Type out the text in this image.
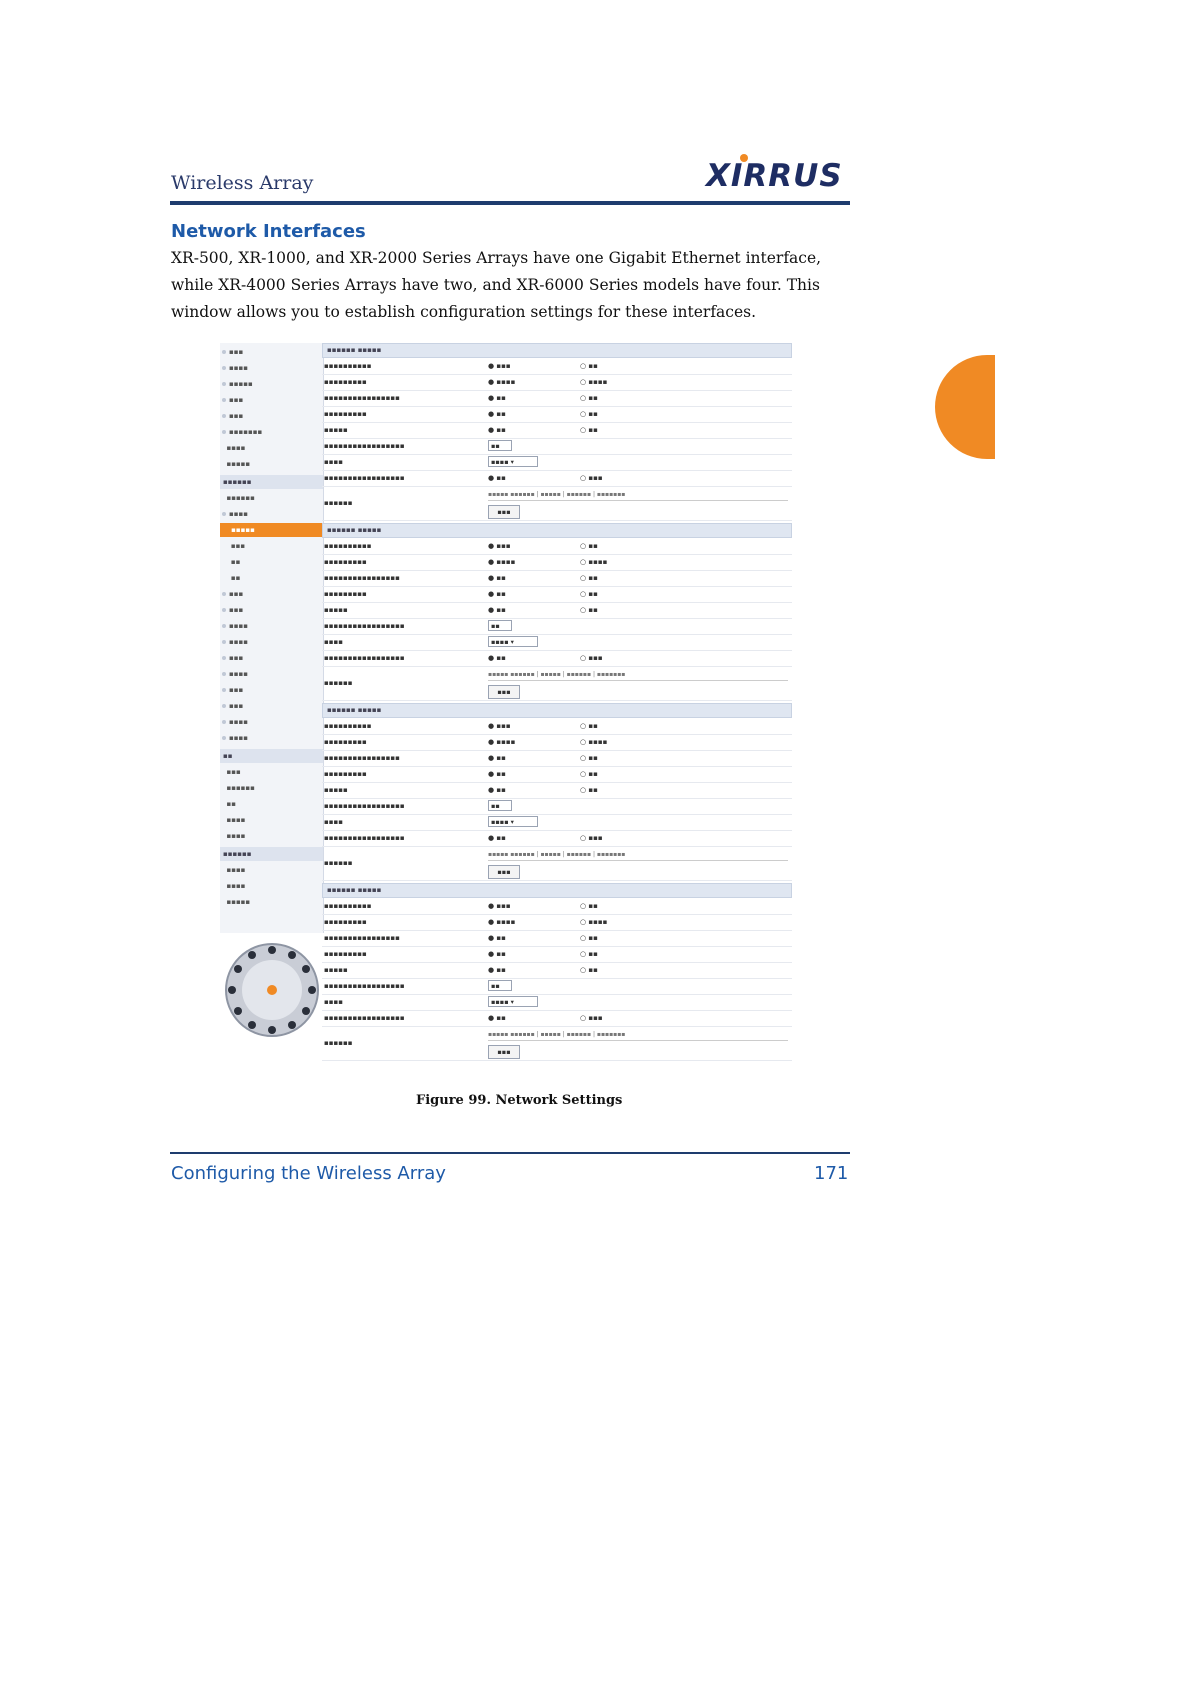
Wireless Array	XIRRUS
Network Interfaces
XR-500, XR-1000, and XR-2000 Series Arrays have one Gigabit Ethernet interface, while XR-4000 Series Arrays have two, and XR-6000 Series models have four. This window allows you to establish configuration settings for these interfaces.
▪▪▪
▪▪▪▪
▪▪▪▪▪
▪▪▪
▪▪▪
▪▪▪▪▪▪▪
▪▪▪▪
▪▪▪▪▪
▪▪▪▪▪▪
▪▪▪▪▪▪
▪▪▪▪
▪▪▪▪▪
▪▪▪
▪▪
▪▪
▪▪▪
▪▪▪
▪▪▪▪
▪▪▪▪
▪▪▪
▪▪▪▪
▪▪▪
▪▪▪
▪▪▪▪
▪▪▪▪
▪▪
▪▪▪
▪▪▪▪▪▪
▪▪
▪▪▪▪
▪▪▪▪
▪▪▪▪▪▪
▪▪▪▪
▪▪▪▪
▪▪▪▪▪
▪▪▪▪▪▪ ▪▪▪▪▪
▪▪▪▪▪▪▪▪▪▪	● ▪▪▪	○ ▪▪
▪▪▪▪▪▪▪▪▪	● ▪▪▪▪	○ ▪▪▪▪
▪▪▪▪▪▪▪▪▪▪▪▪▪▪▪▪	● ▪▪	○ ▪▪
▪▪▪▪▪▪▪▪▪	● ▪▪	○ ▪▪
▪▪▪▪▪	● ▪▪	○ ▪▪
▪▪▪▪▪▪▪▪▪▪▪▪▪▪▪▪▪	▪▪
▪▪▪▪	▪▪▪▪ ▾
▪▪▪▪▪▪▪▪▪▪▪▪▪▪▪▪▪	● ▪▪	○ ▪▪▪
▪▪▪▪▪▪
▪▪▪▪▪ ▪▪▪▪▪▪ | ▪▪▪▪▪ | ▪▪▪▪▪▪ | ▪▪▪▪▪▪▪
▪▪▪
▪▪▪▪▪▪ ▪▪▪▪▪
▪▪▪▪▪▪▪▪▪▪	● ▪▪▪	○ ▪▪
▪▪▪▪▪▪▪▪▪	● ▪▪▪▪	○ ▪▪▪▪
▪▪▪▪▪▪▪▪▪▪▪▪▪▪▪▪	● ▪▪	○ ▪▪
▪▪▪▪▪▪▪▪▪	● ▪▪	○ ▪▪
▪▪▪▪▪	● ▪▪	○ ▪▪
▪▪▪▪▪▪▪▪▪▪▪▪▪▪▪▪▪	▪▪
▪▪▪▪	▪▪▪▪ ▾
▪▪▪▪▪▪▪▪▪▪▪▪▪▪▪▪▪	● ▪▪	○ ▪▪▪
▪▪▪▪▪▪
▪▪▪▪▪ ▪▪▪▪▪▪ | ▪▪▪▪▪ | ▪▪▪▪▪▪ | ▪▪▪▪▪▪▪
▪▪▪
▪▪▪▪▪▪ ▪▪▪▪▪
▪▪▪▪▪▪▪▪▪▪	● ▪▪▪	○ ▪▪
▪▪▪▪▪▪▪▪▪	● ▪▪▪▪	○ ▪▪▪▪
▪▪▪▪▪▪▪▪▪▪▪▪▪▪▪▪	● ▪▪	○ ▪▪
▪▪▪▪▪▪▪▪▪	● ▪▪	○ ▪▪
▪▪▪▪▪	● ▪▪	○ ▪▪
▪▪▪▪▪▪▪▪▪▪▪▪▪▪▪▪▪	▪▪
▪▪▪▪	▪▪▪▪ ▾
▪▪▪▪▪▪▪▪▪▪▪▪▪▪▪▪▪	● ▪▪	○ ▪▪▪
▪▪▪▪▪▪
▪▪▪▪▪ ▪▪▪▪▪▪ | ▪▪▪▪▪ | ▪▪▪▪▪▪ | ▪▪▪▪▪▪▪
▪▪▪
▪▪▪▪▪▪ ▪▪▪▪▪
▪▪▪▪▪▪▪▪▪▪	● ▪▪▪	○ ▪▪
▪▪▪▪▪▪▪▪▪	● ▪▪▪▪	○ ▪▪▪▪
▪▪▪▪▪▪▪▪▪▪▪▪▪▪▪▪	● ▪▪	○ ▪▪
▪▪▪▪▪▪▪▪▪	● ▪▪	○ ▪▪
▪▪▪▪▪	● ▪▪	○ ▪▪
▪▪▪▪▪▪▪▪▪▪▪▪▪▪▪▪▪	▪▪
▪▪▪▪	▪▪▪▪ ▾
▪▪▪▪▪▪▪▪▪▪▪▪▪▪▪▪▪	● ▪▪	○ ▪▪▪
▪▪▪▪▪▪
▪▪▪▪▪ ▪▪▪▪▪▪ | ▪▪▪▪▪ | ▪▪▪▪▪▪ | ▪▪▪▪▪▪▪
▪▪▪
Figure 99. Network Settings
Configuring the Wireless Array	171
